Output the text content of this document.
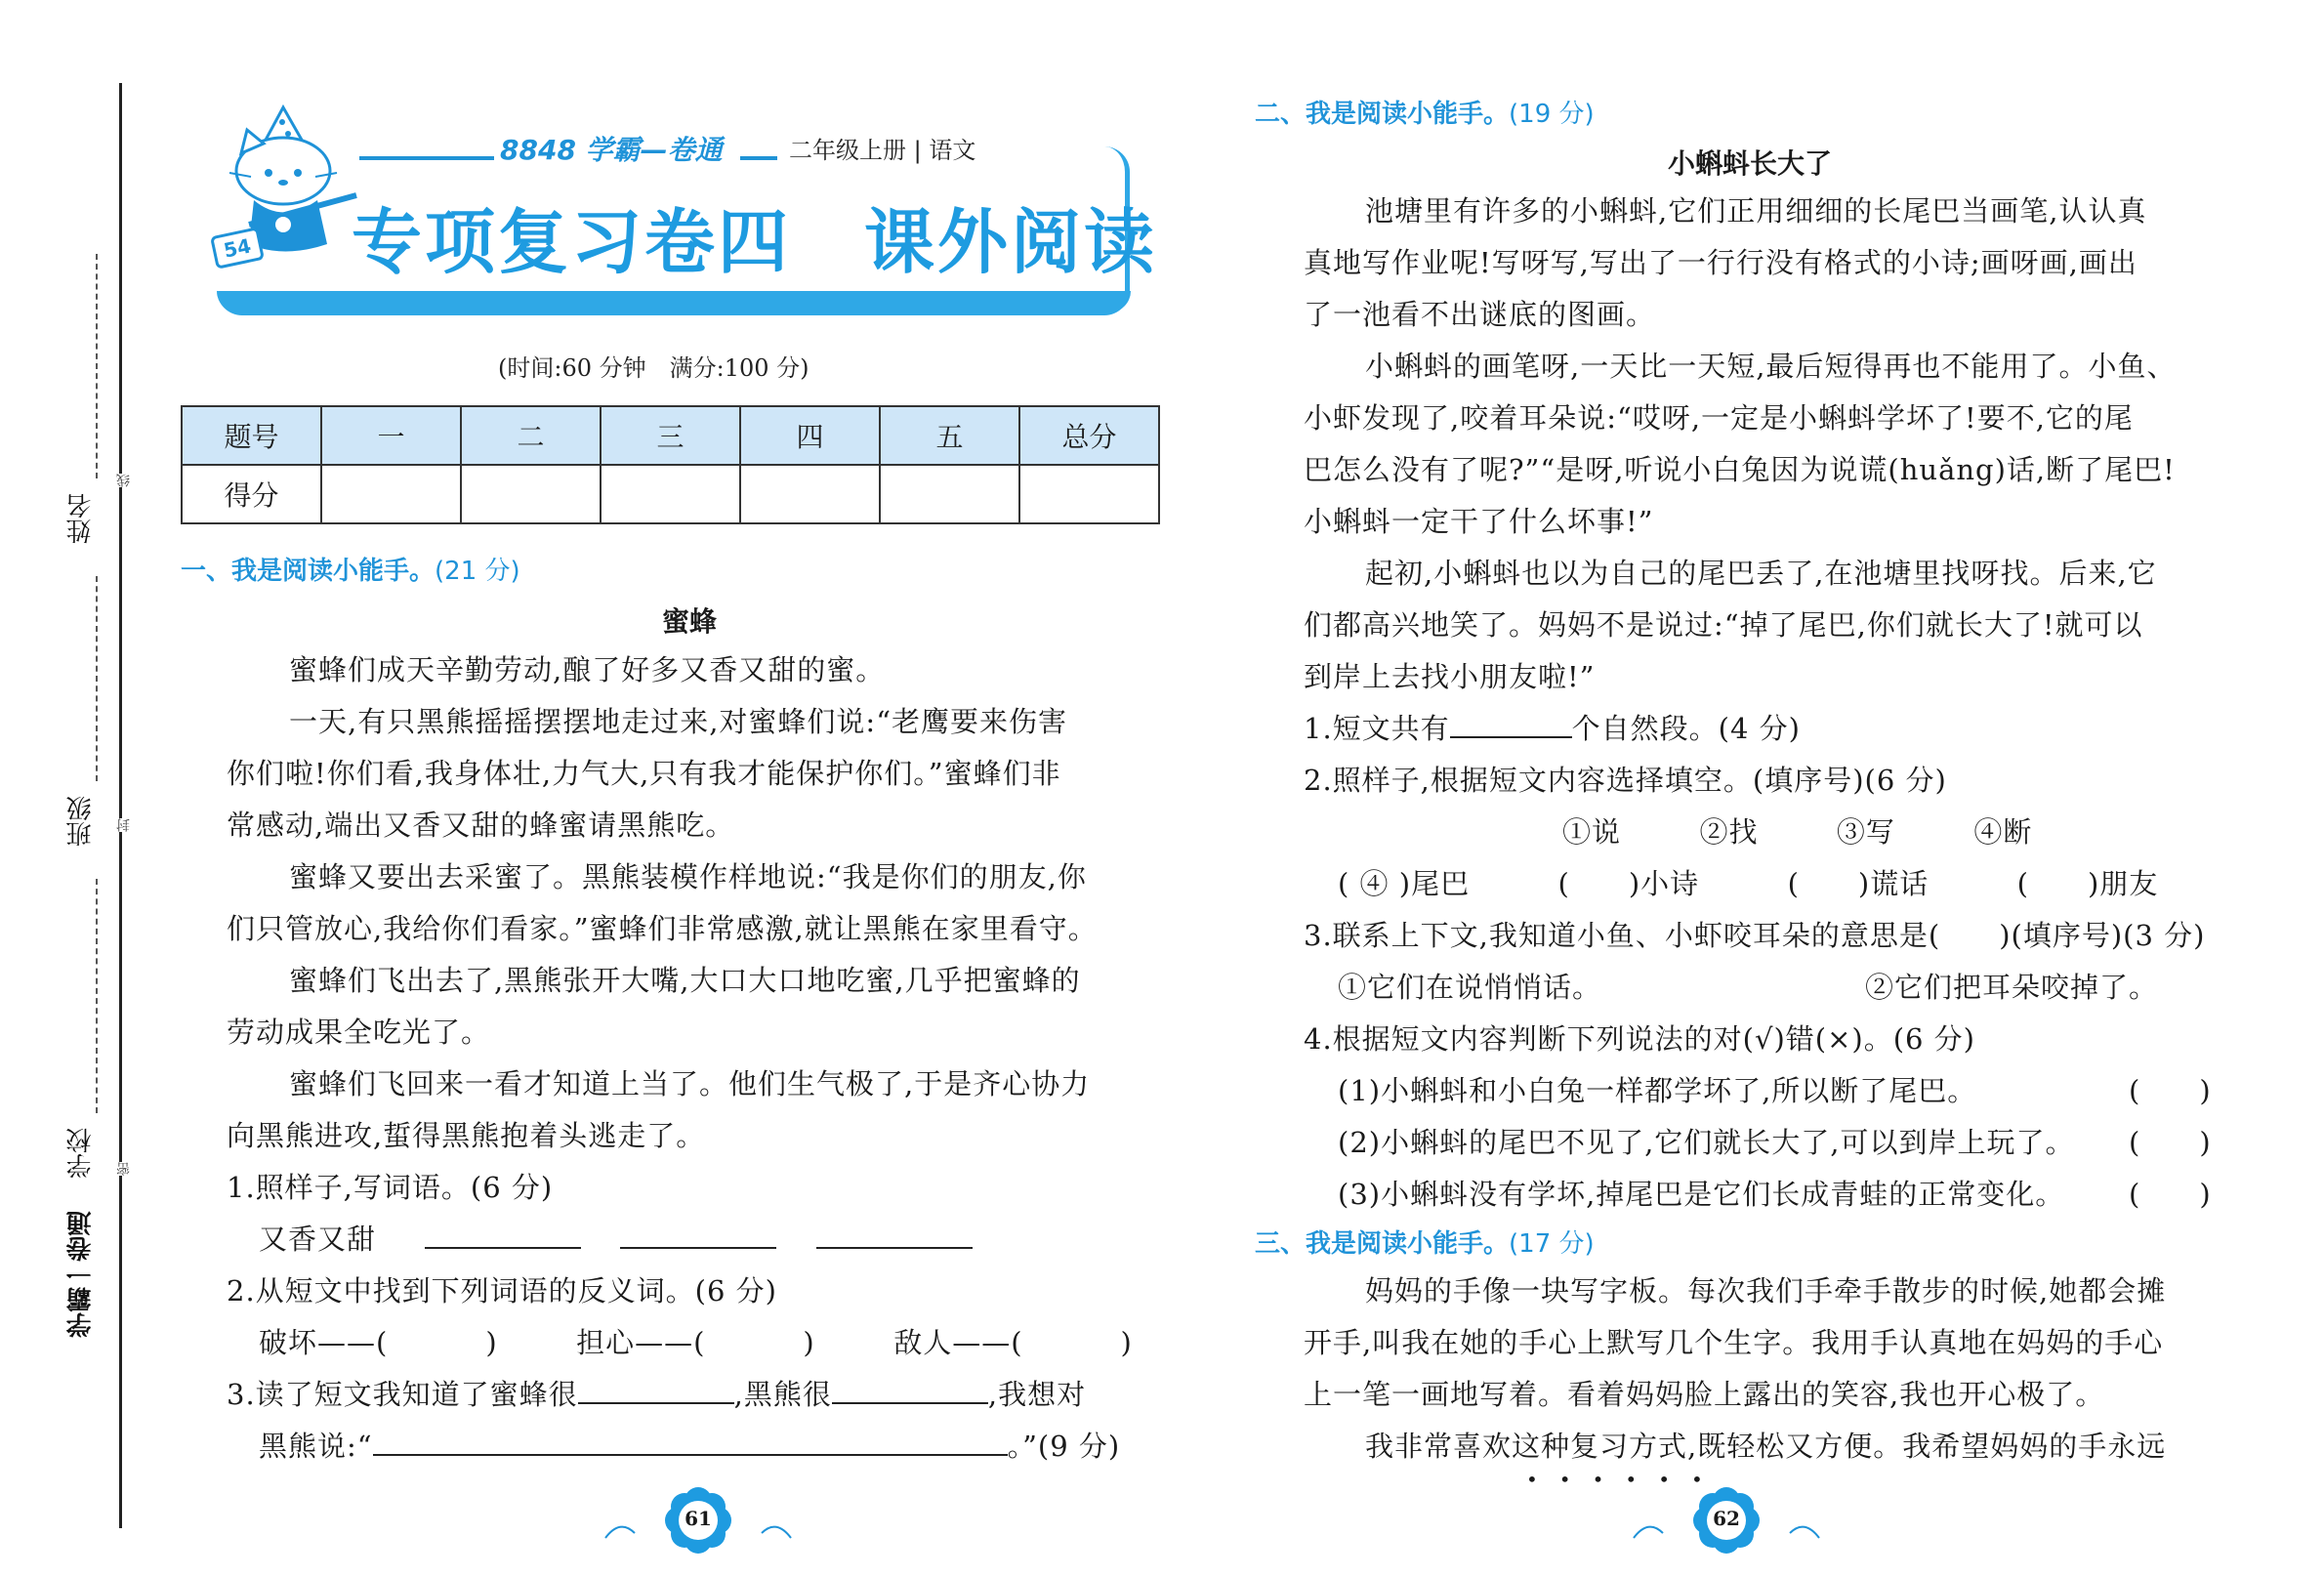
姓名
班级
学校
学霸一卷通
线
封
密
54
8848 学霸—卷通	二年级上册 | 语文
专项复习卷四　课外阅读
(时间:60 分钟　满分:100 分)
题号	一	二	三	四	五	总分
得分						
一、我是阅读小能手。(21 分)
蜜蜂
蜜蜂们成天辛勤劳动,酿了好多又香又甜的蜜。
一天,有只黑熊摇摇摆摆地走过来,对蜜蜂们说:“老鹰要来伤害
你们啦!你们看,我身体壮,力气大,只有我才能保护你们。”蜜蜂们非
常感动,端出又香又甜的蜂蜜请黑熊吃。
蜜蜂又要出去采蜜了。黑熊装模作样地说:“我是你们的朋友,你
们只管放心,我给你们看家。”蜜蜂们非常感激,就让黑熊在家里看守。
蜜蜂们飞出去了,黑熊张开大嘴,大口大口地吃蜜,几乎把蜜蜂的
劳动成果全吃光了。
蜜蜂们飞回来一看才知道上当了。他们生气极了,于是齐心协力
向黑熊进攻,蜇得黑熊抱着头逃走了。
1.照样子,写词语。(6 分)
又香又甜
2.从短文中找到下列词语的反义词。(6 分)
破坏——(	)	担心——(	)	敌人——(	)
3.读了短文我知道了蜜蜂很	,黑熊很	,我想对
黑熊说:“	。”(9 分)
61
二、我是阅读小能手。(19 分)
小蝌蚪长大了
池塘里有许多的小蝌蚪,它们正用细细的长尾巴当画笔,认认真
真地写作业呢!写呀写,写出了一行行没有格式的小诗;画呀画,画出
了一池看不出谜底的图画。
小蝌蚪的画笔呀,一天比一天短,最后短得再也不能用了。小鱼、
小虾发现了,咬着耳朵说:“哎呀,一定是小蝌蚪学坏了!要不,它的尾
巴怎么没有了呢?”“是呀,听说小白兔因为说谎(huǎng)话,断了尾巴!
小蝌蚪一定干了什么坏事!”
起初,小蝌蚪也以为自己的尾巴丢了,在池塘里找呀找。后来,它
们都高兴地笑了。妈妈不是说过:“掉了尾巴,你们就长大了!就可以
到岸上去找小朋友啦!”
1.短文共有	个自然段。(4 分)
2.照样子,根据短文内容选择填空。(填序号)(6 分)
①说	②找	③写	④断
( ④ )尾巴	(　　)小诗	(　　)谎话	(　　)朋友
3.联系上下文,我知道小鱼、小虾咬耳朵的意思是(　　)(填序号)(3 分)
①它们在说悄悄话。	②它们把耳朵咬掉了。
4.根据短文内容判断下列说法的对(√)错(×)。(6 分)
(1)小蝌蚪和小白兔一样都学坏了,所以断了尾巴。	(　　)
(2)小蝌蚪的尾巴不见了,它们就长大了,可以到岸上玩了。 (　　)
(3)小蝌蚪没有学坏,掉尾巴是它们长成青蛙的正常变化。 (　　)
三、我是阅读小能手。(17 分)
妈妈的手像一块写字板。每次我们手牵手散步的时候,她都会摊
开手,叫我在她的手心上默写几个生字。我用手认真地在妈妈的手心
上一笔一画地写着。看着妈妈脸上露出的笑容,我也开心极了。
我非常喜欢这种复习方式,既轻松又方便。我希望妈妈的手永远
••••••
62
